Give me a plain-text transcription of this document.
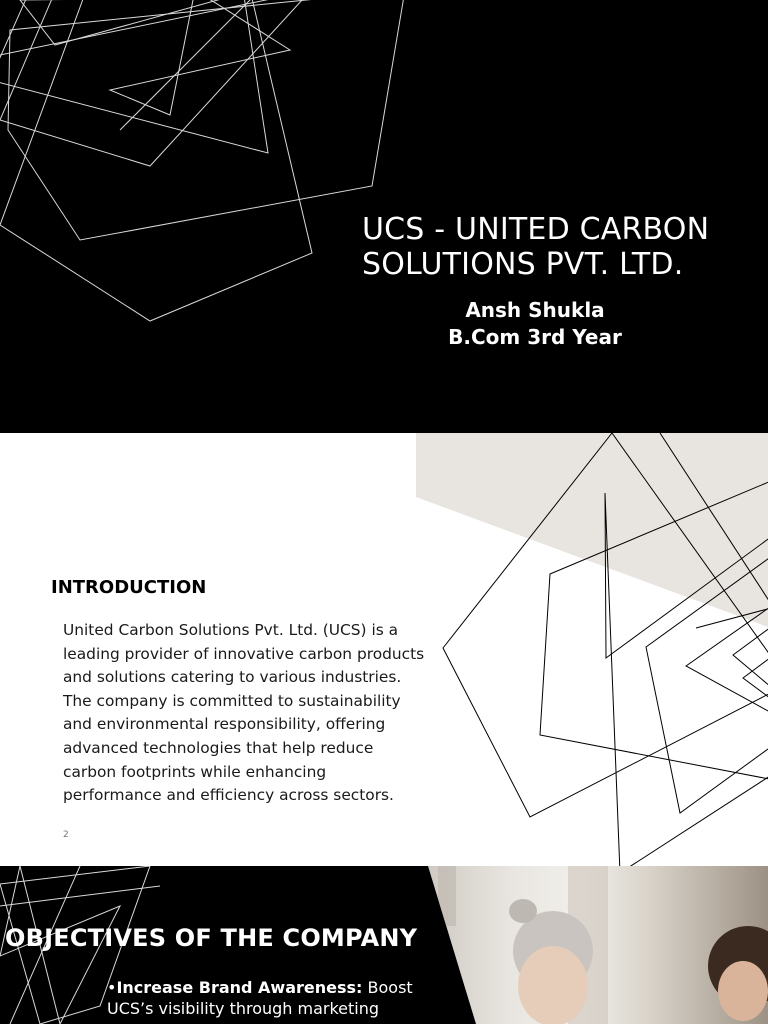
UCS - UNITED CARBON SOLUTIONS PVT. LTD.
Ansh Shukla
B.Com 3rd Year
INTRODUCTION
United Carbon Solutions Pvt. Ltd. (UCS) is a leading provider of innovative carbon products and solutions catering to various industries. The company is committed to sustainability and environmental responsibility, offering advanced technologies that help reduce carbon footprints while enhancing performance and efficiency across sectors.
2
OBJECTIVES OF THE COMPANY
•Increase Brand Awareness: Boost UCS’s visibility through marketing
